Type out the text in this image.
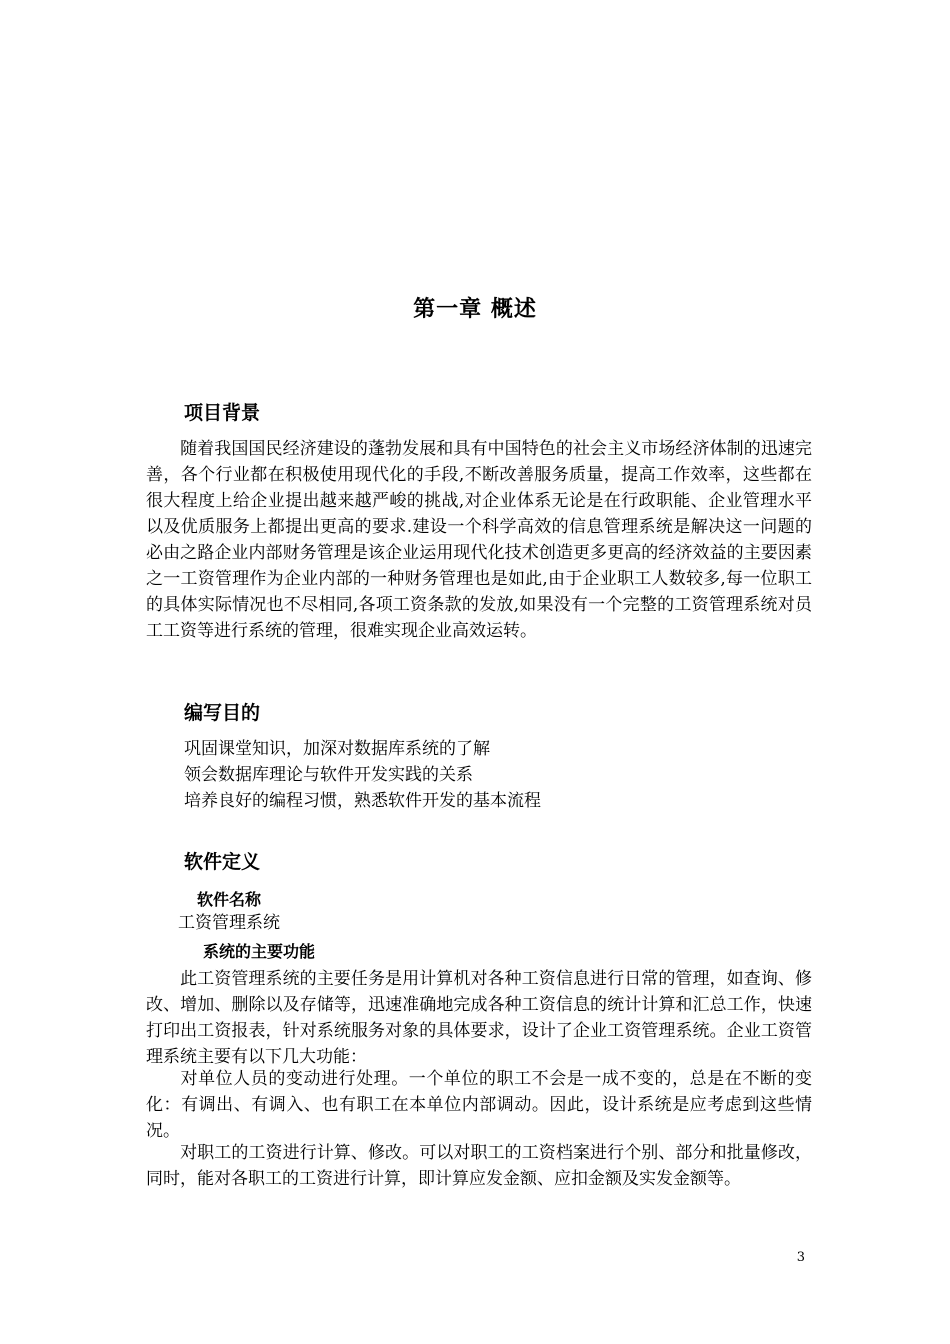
第一章 概述
项目背景

随着我国国民经济建设的蓬勃发展和具有中国特色的社会主义市场经济体制的迅速完善，各个行业都在积极使用现代化的手段,不断改善服务质量，提高工作效率，这些都在很大程度上给企业提出越来越严峻的挑战,对企业体系无论是在行政职能、企业管理水平以及优质服务上都提出更高的要求.建设一个科学高效的信息管理系统是解决这一问题的必由之路企业内部财务管理是该企业运用现代化技术创造更多更高的经济效益的主要因素之一工资管理作为企业内部的一种财务管理也是如此,由于企业职工人数较多,每一位职工的具体实际情况也不尽相同,各项工资条款的发放,如果没有一个完整的工资管理系统对员工工资等进行系统的管理，很难实现企业高效运转。

编写目的
巩固课堂知识，加深对数据库系统的了解
领会数据库理论与软件开发实践的关系
培养良好的编程习惯，熟悉软件开发的基本流程
软件定义
软件名称
工资管理系统
系统的主要功能

此工资管理系统的主要任务是用计算机对各种工资信息进行日常的管理，如查询、修改、增加、删除以及存储等，迅速准确地完成各种工资信息的统计计算和汇总工作，快速打印出工资报表，针对系统服务对象的具体要求，设计了企业工资管理系统。企业工资管理系统主要有以下几大功能：

对单位人员的变动进行处理。一个单位的职工不会是一成不变的，总是在不断的变化：有调出、有调入、也有职工在本单位内部调动。因此，设计系统是应考虑到这些情况。

对职工的工资进行计算、修改。可以对职工的工资档案进行个别、部分和批量修改，同时，能对各职工的工资进行计算，即计算应发金额、应扣金额及实发金额等。

3
